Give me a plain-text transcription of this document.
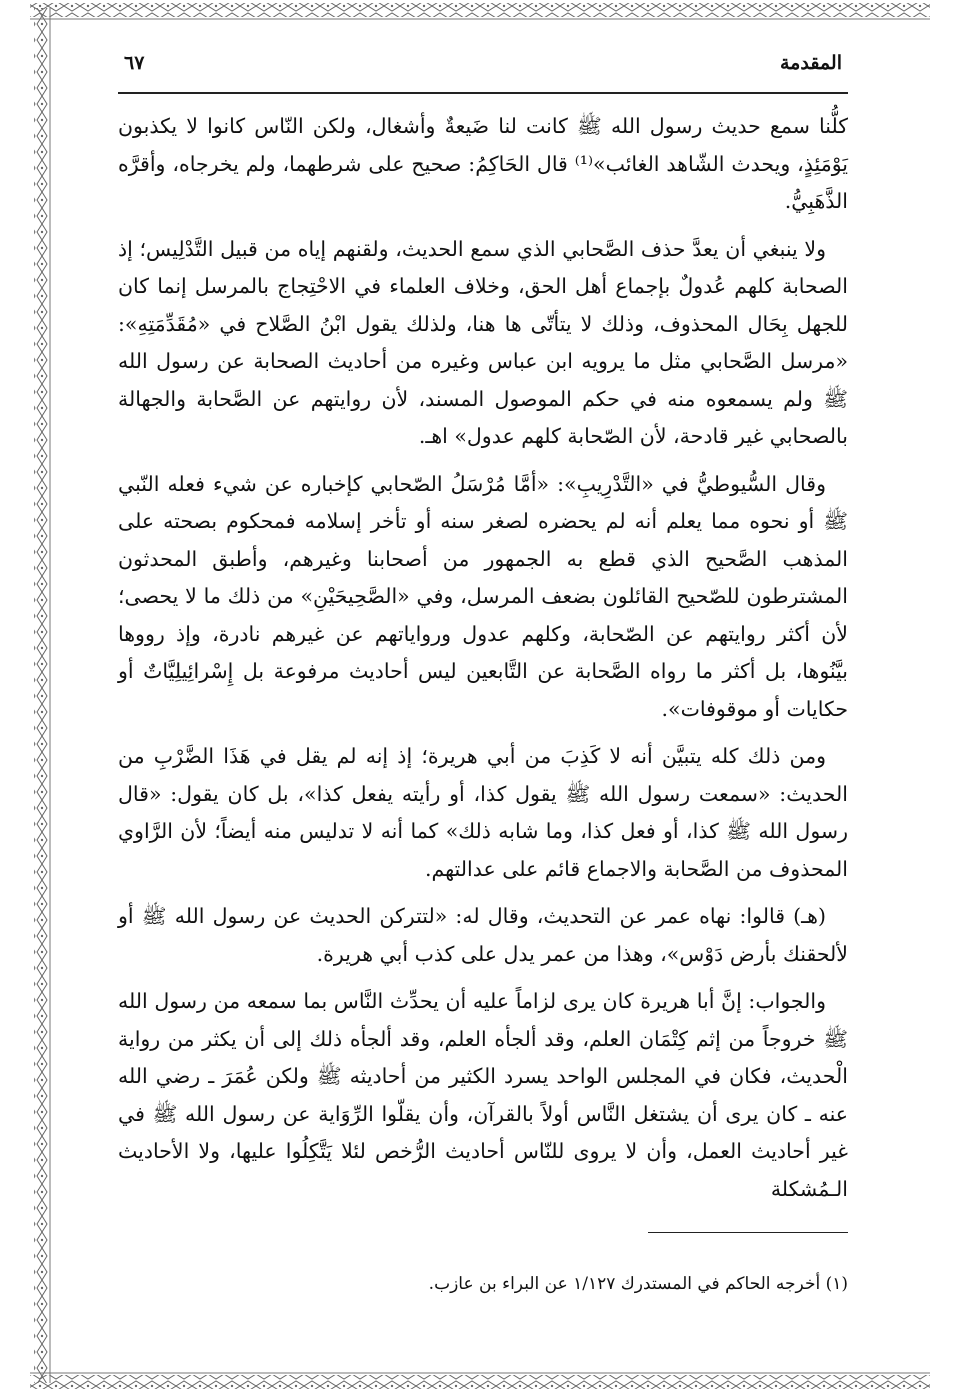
المقدمة
٦٧

كلُّنا سمع حديث رسول الله ﷺ كانت لنا ضَيعةٌ وأشغال، ولكن النّاس كانوا لا يكذبون يَوْمَئِذٍ، ويحدث الشّاهد الغائب»⁽¹⁾ قال الحَاكِمُ: صحيح على شرطهما، ولم يخرجاه، وأقرَّه الذَّهَبِيُّ.

ولا ينبغي أن يعدَّ حذف الصَّحابي الذي سمع الحديث، ولقنهم إياه من قبيل التَّدْلِيس؛ إذ الصحابة كلهم عُدولٌ بإجماع أهل الحق، وخلاف العلماء في الاحْتِجاج بالمرسل إنما كان للجهل بِحَال المحذوف، وذلك لا يتأتّى ها هنا، ولذلك يقول ابْنُ الصَّلاح في «مُقَدِّمَتِهِ»: «مرسل الصَّحابي مثل ما يرويه ابن عباس وغيره من أحاديث الصحابة عن رسول الله ﷺ ولم يسمعوه منه في حكم الموصول المسند، لأن روايتهم عن الصَّحابة والجهالة بالصحابي غير قادحة، لأن الصّحابة كلهم عدول» اهـ.

وقال السُّيوطيُّ في «التَّدْرِيبِ»: «أمَّا مُرْسَلُ الصّحابي كإخباره عن شيء فعله النّبي ﷺ أو نحوه مما يعلم أنه لم يحضره لصغر سنه أو تأخر إسلامه فمحكوم بصحته على المذهب الصَّحيح الذي قطع به الجمهور من أصحابنا وغيرهم، وأطبق المحدثون المشترطون للصّحيح القائلون بضعف المرسل، وفي «الصَّحِيحَيْنِ» من ذلك ما لا يحصى؛ لأن أكثر روايتهم عن الصّحابة، وكلهم عدول ورواياتهم عن غيرهم نادرة، وإذ رووها بيَّنُوها، بل أكثر ما رواه الصَّحابة عن التَّابعين ليس أحاديث مرفوعة بل إِسْرائِيلِيَّاتٌ أو حكايات أو موقوفات».

ومن ذلك كله يتبيَّن أنه لا كَذِبَ من أبي هريرة؛ إذ إنه لم يقل في هَذَا الضَّرْبِ من الحديث: «سمعت رسول الله ﷺ يقول كذا، أو رأيته يفعل كذا»، بل كان يقول: «قال رسول الله ﷺ كذا، أو فعل كذا، وما شابه ذلك» كما أنه لا تدليس منه أيضاً؛ لأن الرَّاوي المحذوف من الصَّحابة والاجماع قائم على عدالتهم.

(هـ) قالوا: نهاه عمر عن التحديث، وقال له: «لتتركن الحديث عن رسول الله ﷺ أو لألحقنك بأرض دَوْس»، وهذا من عمر يدل على كذب أبي هريرة.

والجواب: إنَّ أبا هريرة كان يرى لزاماً عليه أن يحدِّث النَّاس بما سمعه من رسول الله ﷺ خروجاً من إثم كِتْمَان العلم، وقد ألجأه العلم، وقد ألجأه ذلك إلى أن يكثر من رواية الْحديث، فكان في المجلس الواحد يسرد الكثير من أحاديثه ﷺ ولكن عُمَرَ ـ رضي الله عنه ـ كان يرى أن يشتغل النَّاس أولاً بالقرآن، وأن يقلّوا الرِّوَاية عن رسول الله ﷺ في غير أحاديث العمل، وأن لا يروى للنّاس أحاديث الرُّخص لئلا يَتَّكِلُوا عليها، ولا الأحاديث الـمُشكلة

(١) أخرجه الحاكم في المستدرك ١/١٢٧ عن البراء بن عازب.
